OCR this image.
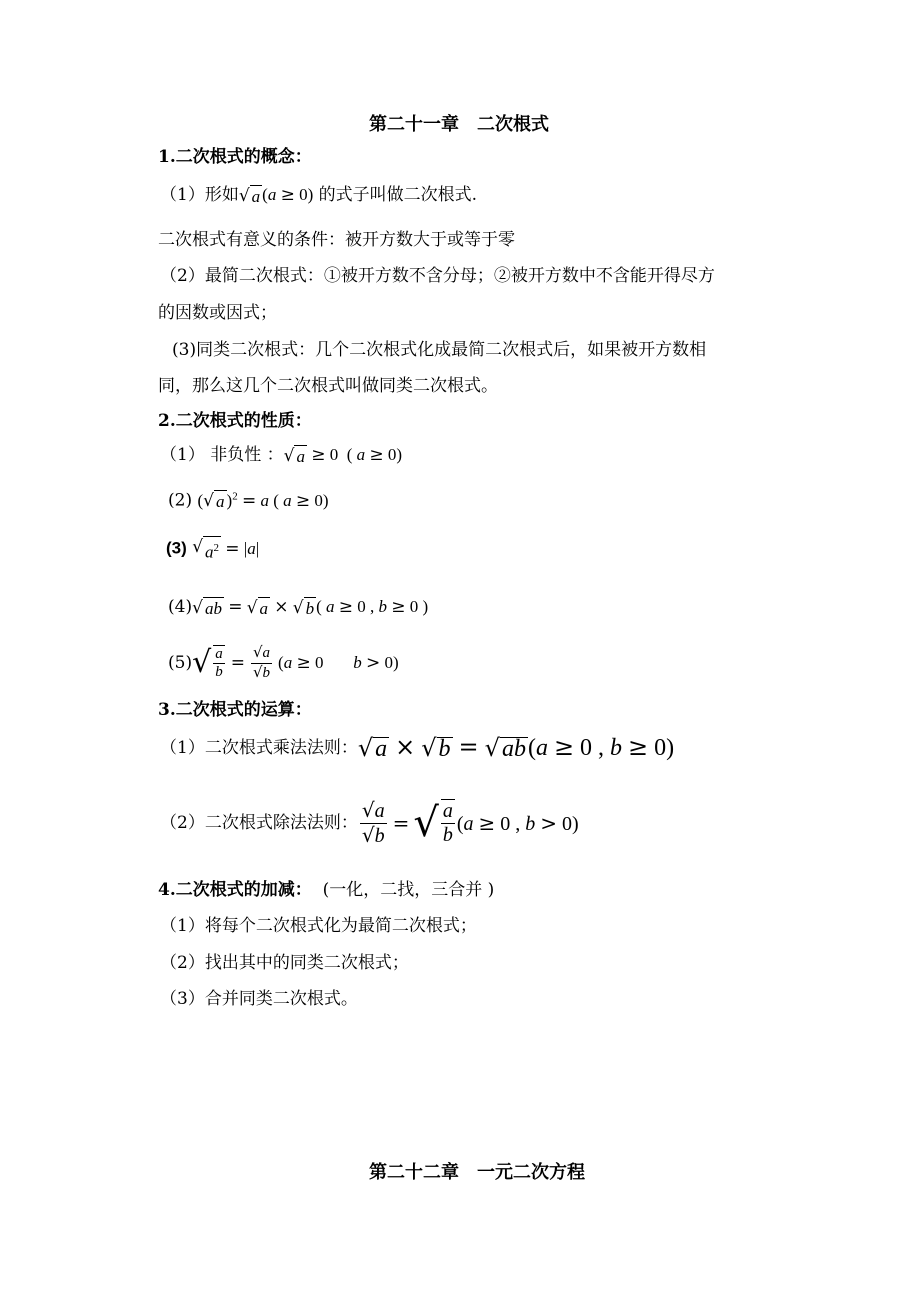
第二十一章　二次根式
1.二次根式的概念：
（1）形如 √ a (a ≥ 0) 的式子叫做二次根式.
二次根式有意义的条件：被开方数大于或等于零
（2）最简二次根式：①被开方数不含分母；②被开方数中不含能开得尽方
的因数或因式；
(3)同类二次根式：几个二次根式化成最简二次根式后，如果被开方数相
同，那么这几个二次根式叫做同类二次根式。
2.二次根式的性质：
（1） 非负性 ： √ a ≥ 0 ( a ≥ 0)
(2) ( √ a )$^2$ = a ( a ≥ 0)
(3) √ $a^2 = |a|$
(4) √ ab = √ a × √ b ( a ≥ 0 , b ≥ 0 )
(5) √ $\frac{a}{b} = \frac{√a}{√b} (a \ge 0$       b > 0)
3.二次根式的运算：
（1）二次根式乘法法则： √ a × √ b = √ ab (a ≥ 0 , b ≥ 0)
（2）二次根式除法法则： $\frac{√a}{√b}$ = √ $\frac{a}{b} (a \ge 0$ , b > 0)
4.二次根式的加减： (一化，二找，三合并 )
（1）将每个二次根式化为最简二次根式；
（2）找出其中的同类二次根式；
（3）合并同类二次根式。
第二十二章　一元二次方程
